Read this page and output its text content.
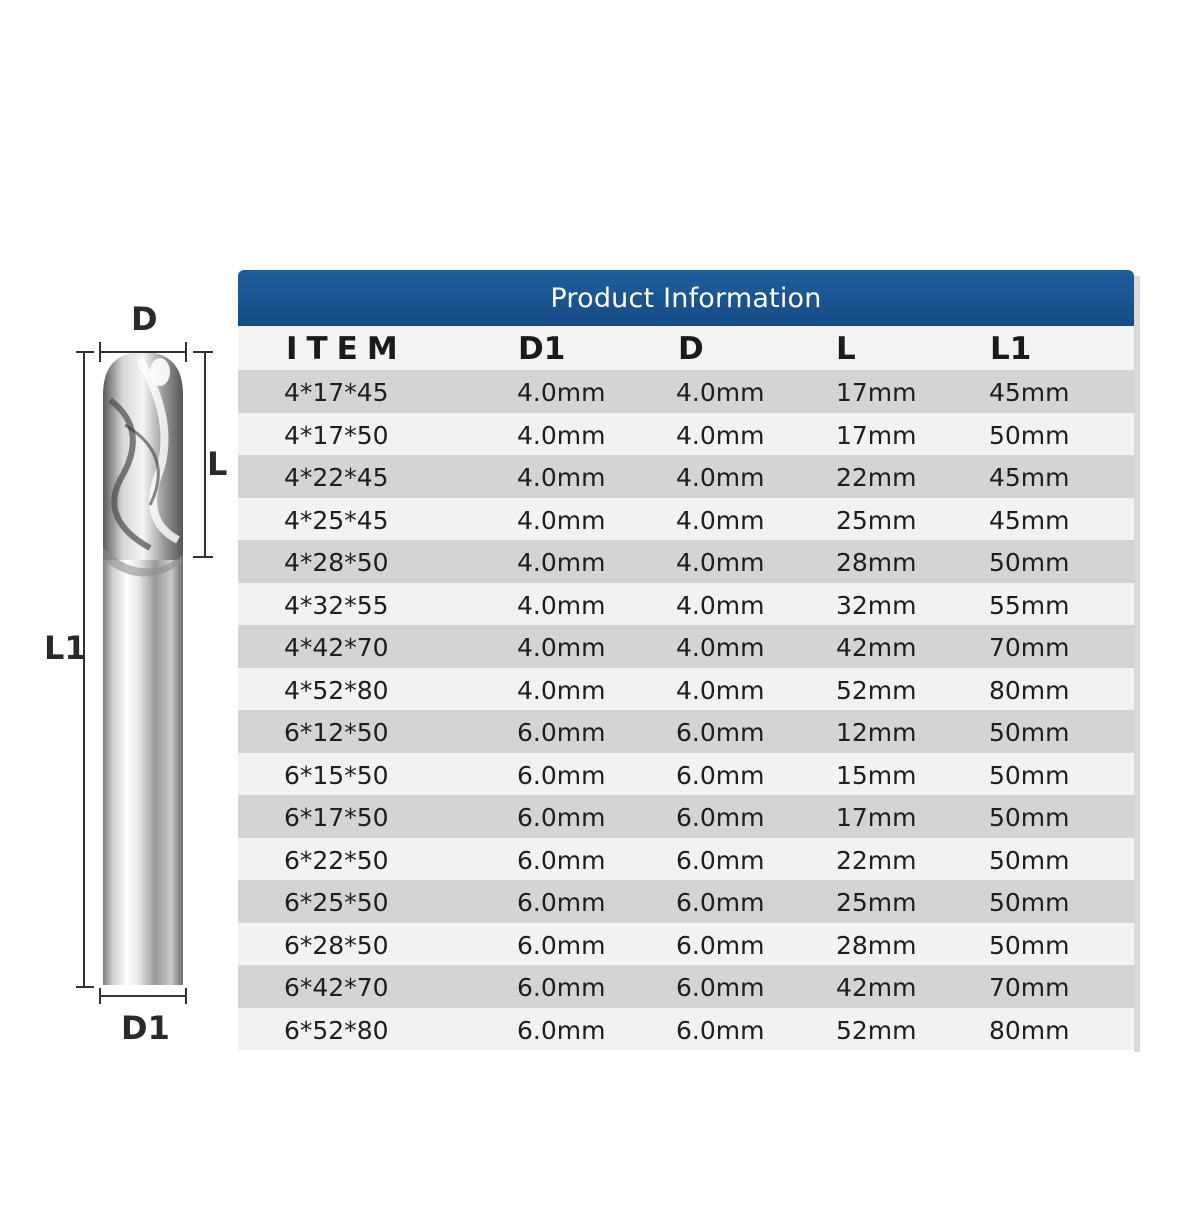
D
L
L1
D1
Product Information
ITEM	D1	D	L	L1
4*17*45	4.0mm	4.0mm	17mm	45mm
4*17*50	4.0mm	4.0mm	17mm	50mm
4*22*45	4.0mm	4.0mm	22mm	45mm
4*25*45	4.0mm	4.0mm	25mm	45mm
4*28*50	4.0mm	4.0mm	28mm	50mm
4*32*55	4.0mm	4.0mm	32mm	55mm
4*42*70	4.0mm	4.0mm	42mm	70mm
4*52*80	4.0mm	4.0mm	52mm	80mm
6*12*50	6.0mm	6.0mm	12mm	50mm
6*15*50	6.0mm	6.0mm	15mm	50mm
6*17*50	6.0mm	6.0mm	17mm	50mm
6*22*50	6.0mm	6.0mm	22mm	50mm
6*25*50	6.0mm	6.0mm	25mm	50mm
6*28*50	6.0mm	6.0mm	28mm	50mm
6*42*70	6.0mm	6.0mm	42mm	70mm
6*52*80	6.0mm	6.0mm	52mm	80mm
